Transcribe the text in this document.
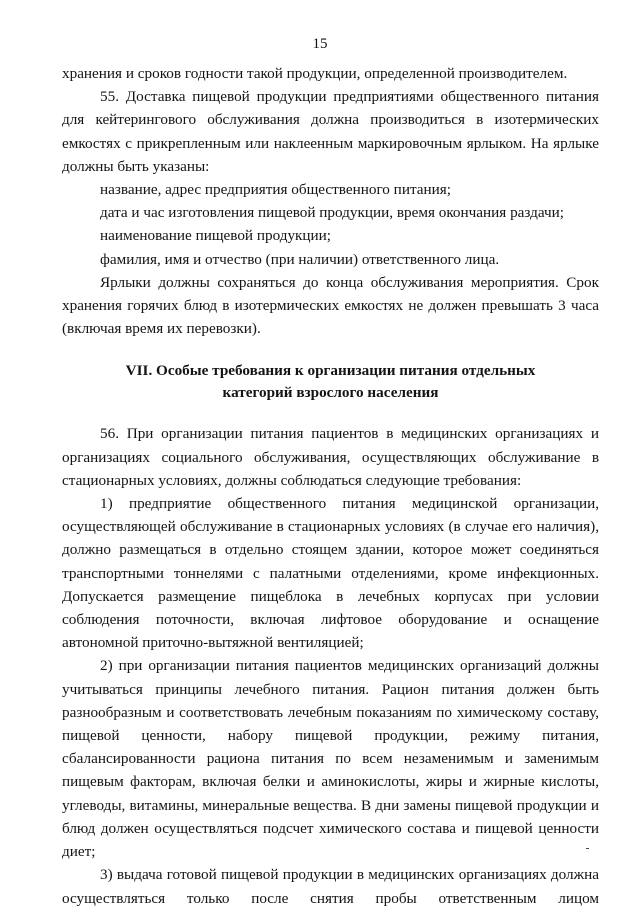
15

хранения и сроков годности такой продукции, определенной производителем.

55. Доставка пищевой продукции предприятиями общественного питания для кейтерингового обслуживания должна производиться в изотермических емкостях с прикрепленным или наклеенным маркировочным ярлыком. На ярлыке должны быть указаны:

название, адрес предприятия общественного питания;

дата и час изготовления пищевой продукции, время окончания раздачи;

наименование пищевой продукции;

фамилия, имя и отчество (при наличии) ответственного лица.

Ярлыки должны сохраняться до конца обслуживания мероприятия. Срок хранения горячих блюд в изотермических емкостях не должен превышать 3 часа (включая время их перевозки).

VII. Особые требования к организации питания отдельных категорий взрослого населения

56. При организации питания пациентов в медицинских организациях и организациях социального обслуживания, осуществляющих обслуживание в стационарных условиях, должны соблюдаться следующие требования:

1) предприятие общественного питания медицинской организации, осуществляющей обслуживание в стационарных условиях (в случае его наличия), должно размещаться в отдельно стоящем здании, которое может соединяться транспортными тоннелями с палатными отделениями, кроме инфекционных. Допускается размещение пищеблока в лечебных корпусах при условии соблюдения поточности, включая лифтовое оборудование и оснащение автономной приточно-вытяжной вентиляцией;

2) при организации питания пациентов медицинских организаций должны учитываться принципы лечебного питания. Рацион питания должен быть разнообразным и соответствовать лечебным показаниям по химическому составу, пищевой ценности, набору пищевой продукции, режиму питания, сбалансированности рациона питания по всем незаменимым и заменимым пищевым факторам, включая белки и аминокислоты, жиры и жирные кислоты, углеводы, витамины, минеральные вещества. В дни замены пищевой продукции и блюд должен осуществляться подсчет химического состава и пищевой ценности диет;

3) выдача готовой пищевой продукции в медицинских организациях должна осуществляться только после снятия пробы ответственным лицом
